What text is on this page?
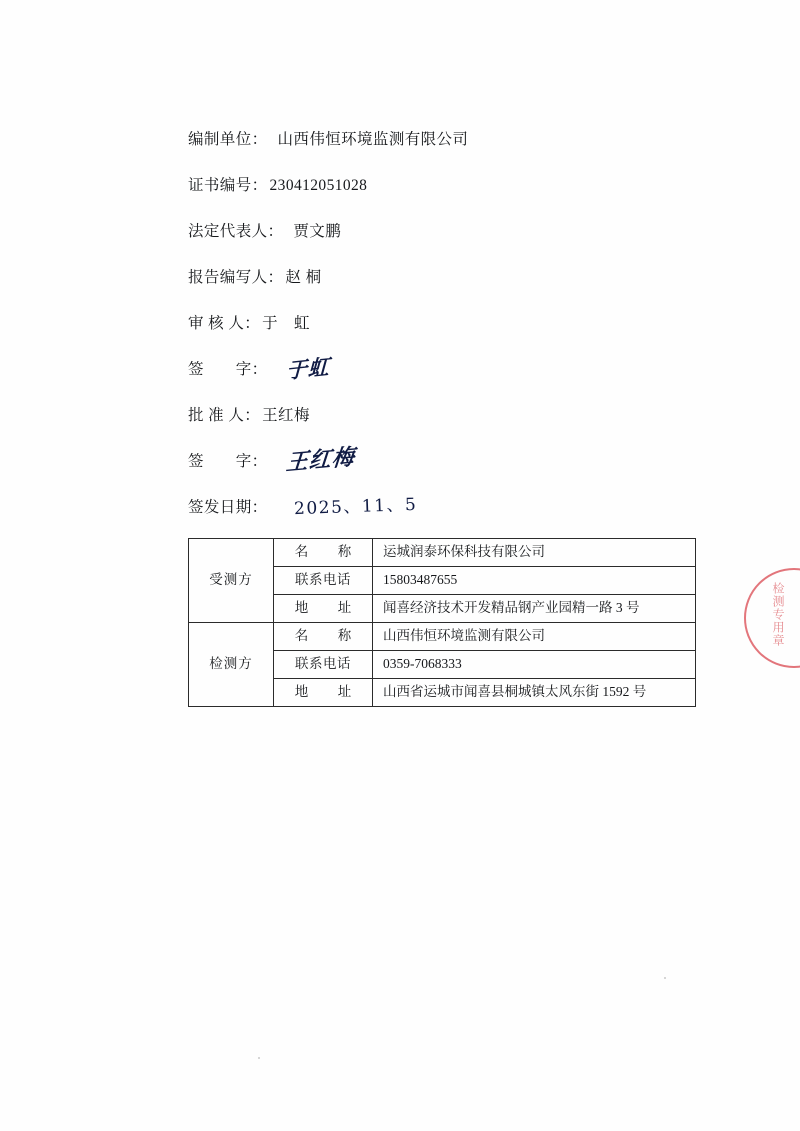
编制单位： 山西伟恒环境监测有限公司
证书编号： 230412051028
法定代表人： 贾文鹏
报告编写人： 赵 桐
审 核 人： 于　虹
签　　字： 于虹
批 准 人： 王红梅
签　　字： 王红梅
签发日期： 2025、11、5
受测方	名　称	运城润泰环保科技有限公司
	联系电话	15803487655
	地　址	闻喜经济技术开发精品钢产业园精一路 3 号
检测方	名　称	山西伟恒环境监测有限公司
	联系电话	0359-7068333
	地　址	山西省运城市闻喜县桐城镇太风东街 1592 号
检测专用章
